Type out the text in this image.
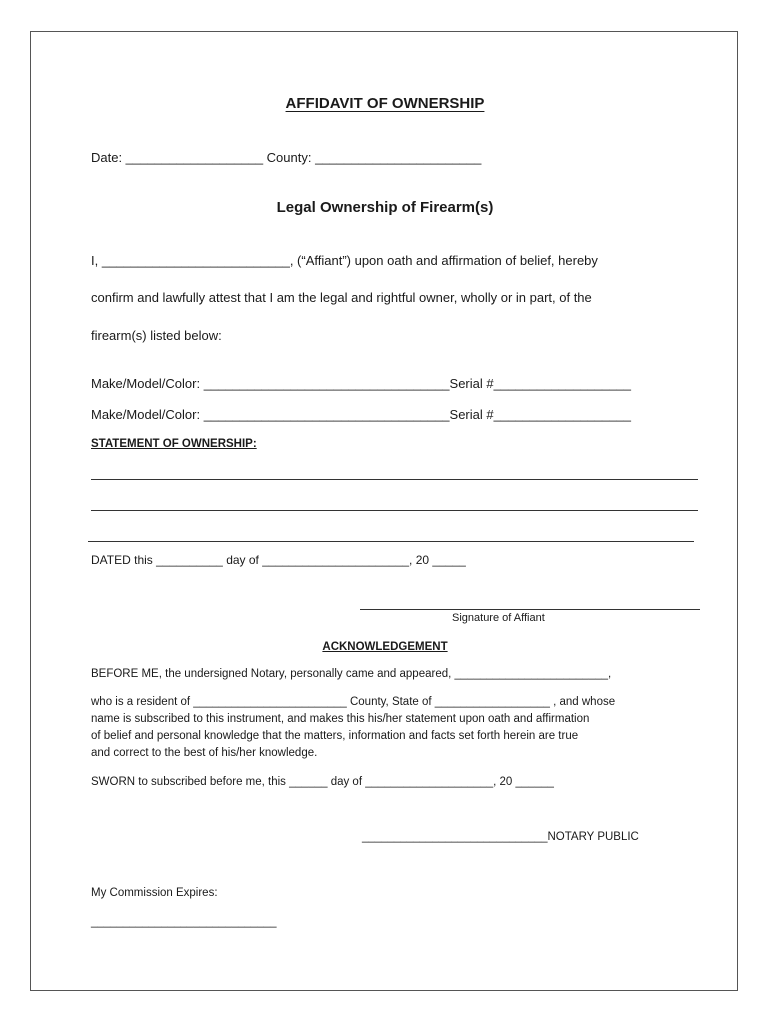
AFFIDAVIT OF OWNERSHIP
Date: ___________________ County: _______________________
Legal Ownership of Firearm(s)
I, __________________________, (“Affiant”) upon oath and affirmation of belief, hereby
confirm and lawfully attest that I am the legal and rightful owner, wholly or in part, of the
firearm(s) listed below:
Make/Model/Color: __________________________________Serial #___________________
Make/Model/Color: __________________________________Serial #___________________
STATEMENT OF OWNERSHIP:
DATED this __________ day of ______________________, 20 _____
Signature of Affiant
ACKNOWLEDGEMENT
BEFORE ME, the undersigned Notary, personally came and appeared, ________________________,
who is a resident of ________________________ County, State of __________________ , and whose
name is subscribed to this instrument, and makes this his/her statement upon oath and affirmation
of belief and personal knowledge that the matters, information and facts set forth herein are true
and correct to the best of his/her knowledge.
SWORN to subscribed before me, this ______ day of ____________________, 20 ______
_____________________________NOTARY PUBLIC
My Commission Expires:
_____________________________
